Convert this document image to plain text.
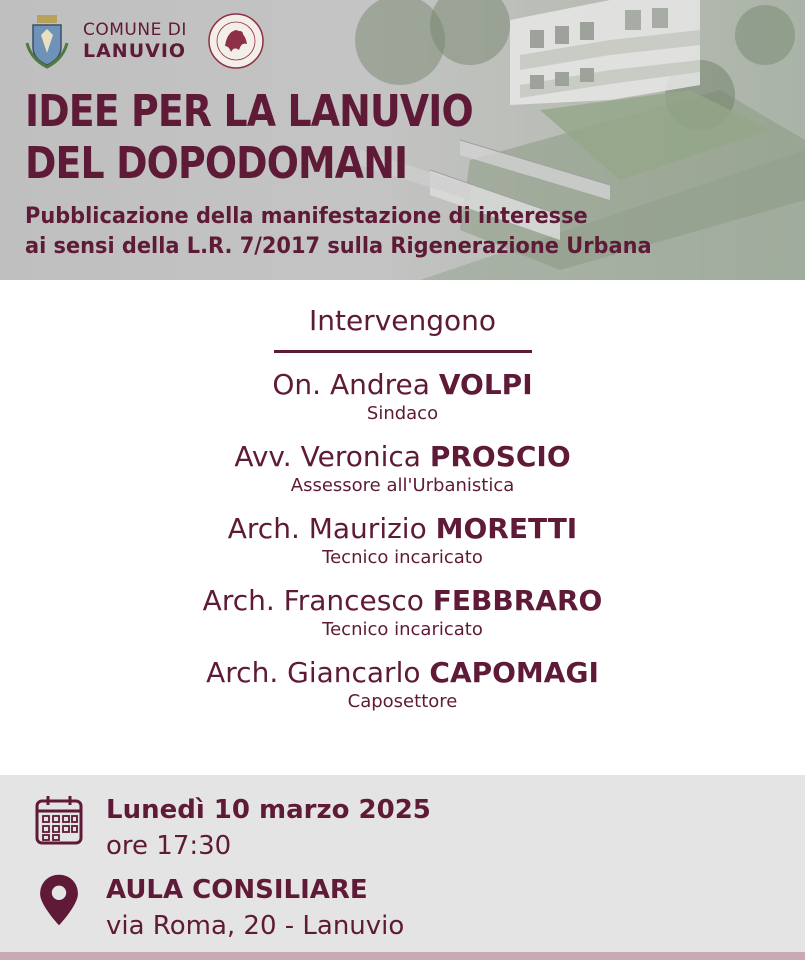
COMUNE DI
LANUVIO
IDEE PER LA LANUVIO
DEL DOPODOMANI
Pubblicazione della manifestazione di interesse
ai sensi della L.R. 7/2017 sulla Rigenerazione Urbana
Intervengono
On. Andrea VOLPI
Sindaco
Avv. Veronica PROSCIO
Assessore all'Urbanistica
Arch. Maurizio MORETTI
Tecnico incaricato
Arch. Francesco FEBBRARO
Tecnico incaricato
Arch. Giancarlo CAPOMAGI
Caposettore
Lunedì 10 marzo 2025
ore 17:30
AULA CONSILIARE
via Roma, 20 - Lanuvio
